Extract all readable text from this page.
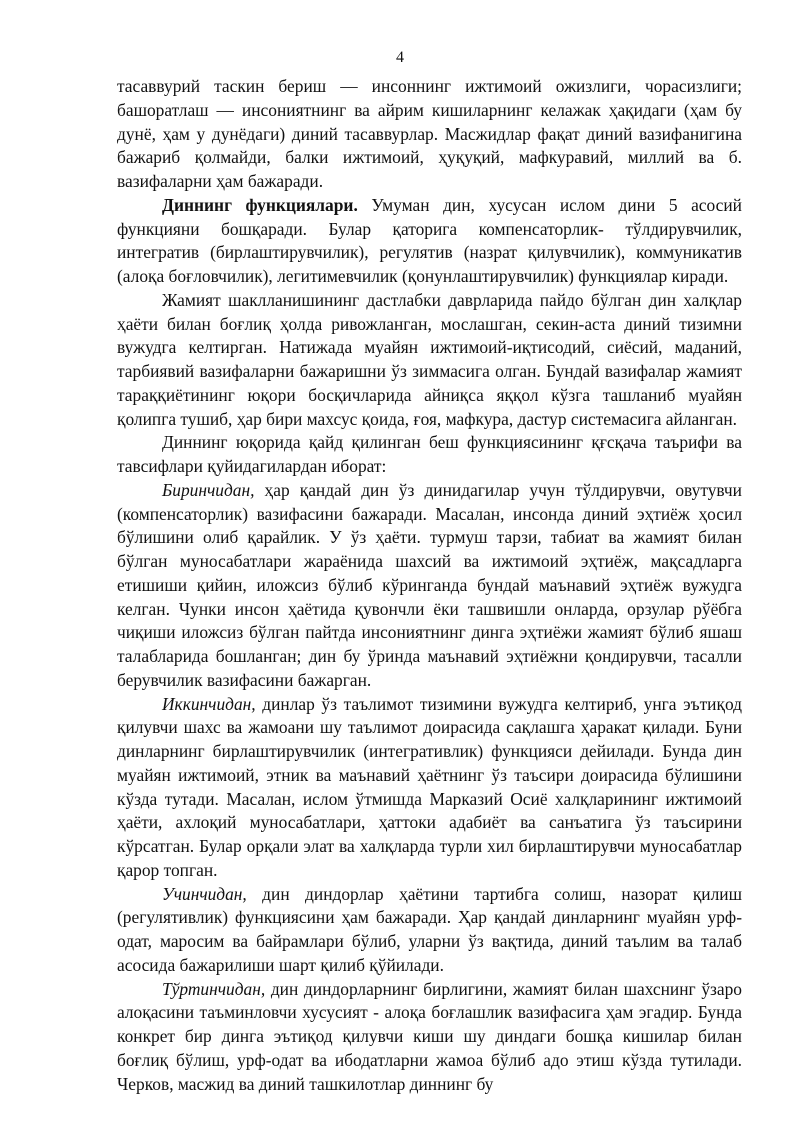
4

тасаввурий таскин бериш — инсоннинг ижтимоий ожизлиги, чорасизлиги; башоратлаш — инсониятнинг ва айрим кишиларнинг келажак ҳақидаги (ҳам бу дунё, ҳам у дунёдаги) диний тасаввурлар. Масжидлар фақат диний вазифанигина бажариб қолмайди, балки ижтимоий, ҳуқуқий, мафкуравий, миллий ва б. вазифаларни ҳам бажаради.

Диннинг функциялари. Умуман дин, хусусан ислом дини 5 асосий функцияни бошқаради. Булар қаторига компенсаторлик- тўлдирувчилик, интегратив (бирлаштирувчилик), регулятив (назрат қилувчилик), коммуникатив (алоқа боғловчилик), легитимевчилик (қонунлаштирувчилик) функциялар киради.

Жамият шаклланишининг дастлабки даврларида пайдо бўлган дин халқлар ҳаёти билан боғлиқ ҳолда ривожланган, мослашган, секин-аста диний тизимни вужудга келтирган. Натижада муайян ижтимоий-иқтисодий, сиёсий, маданий, тарбиявий вазифаларни бажаришни ўз зиммасига олган. Бундай вазифалар жамият тараққиётининг юқори босқичларида айниқса яққол кўзга ташланиб муайян қолипга тушиб, ҳар бири махсус қоида, ғоя, мафкура, дастур системасига айланган.

Диннинг юқорида қайд қилинган беш функциясининг қғсқача таърифи ва тавсифлари қуйидагилардан иборат:

Биринчидан, ҳар қандай дин ўз динидагилар учун тўлдирувчи, овутувчи (компенсаторлик) вазифасини бажаради. Масалан, инсонда диний эҳтиёж ҳосил бўлишини олиб қарайлик. У ўз ҳаёти. турмуш тарзи, табиат ва жамият билан бўлган муносабатлари жараёнида шахсий ва ижтимоий эҳтиёж, мақсадларга етишиши қийин, иложсиз бўлиб кўринганда бундай маънавий эҳтиёж вужудга келган. Чунки инсон ҳаётида қувончли ёки ташвишли онларда, орзулар рўёбга чиқиши иложсиз бўлган пайтда инсониятнинг динга эҳтиёжи жамият бўлиб яшаш талабларида бошланган; дин бу ўринда маънавий эҳтиёжни қондирувчи, тасалли берувчилик вазифасини бажарган.

Иккинчидан, динлар ўз таълимот тизимини вужудга келтириб, унга эътиқод қилувчи шахс ва жамоани шу таълимот доирасида сақлашга ҳаракат қилади. Буни динларнинг бирлаштирувчилик (интегративлик) функцияси дейилади. Бунда дин муайян ижтимоий, этник ва маънавий ҳаётнинг ўз таъсири доирасида бўлишини кўзда тутади. Масалан, ислом ўтмишда Марказий Осиё халқларининг ижтимоий ҳаёти, ахлоқий муносабатлари, ҳаттоки адабиёт ва санъатига ўз таъсирини кўрсатган. Булар орқали элат ва халқларда турли хил бирлаштирувчи муносабатлар қарор топган.

Учинчидан, дин диндорлар ҳаётини тартибга солиш, назорат қилиш (регулятивлик) функциясини ҳам бажаради. Ҳар қандай динларнинг муайян урф-одат, маросим ва байрамлари бўлиб, уларни ўз вақтида, диний таълим ва талаб асосида бажарилиши шарт қилиб қўйилади.

Тўртинчидан, дин диндорларнинг бирлигини, жамият билан шахснинг ўзаро алоқасини таъминловчи хусусият - алоқа боғлашлик вазифасига ҳам эгадир. Бунда конкрет бир динга эътиқод қилувчи киши шу диндаги бошқа кишилар билан боғлиқ бўлиш, урф-одат ва ибодатларни жамоа бўлиб адо этиш кўзда тутилади. Черков, масжид ва диний ташкилотлар диннинг бу
